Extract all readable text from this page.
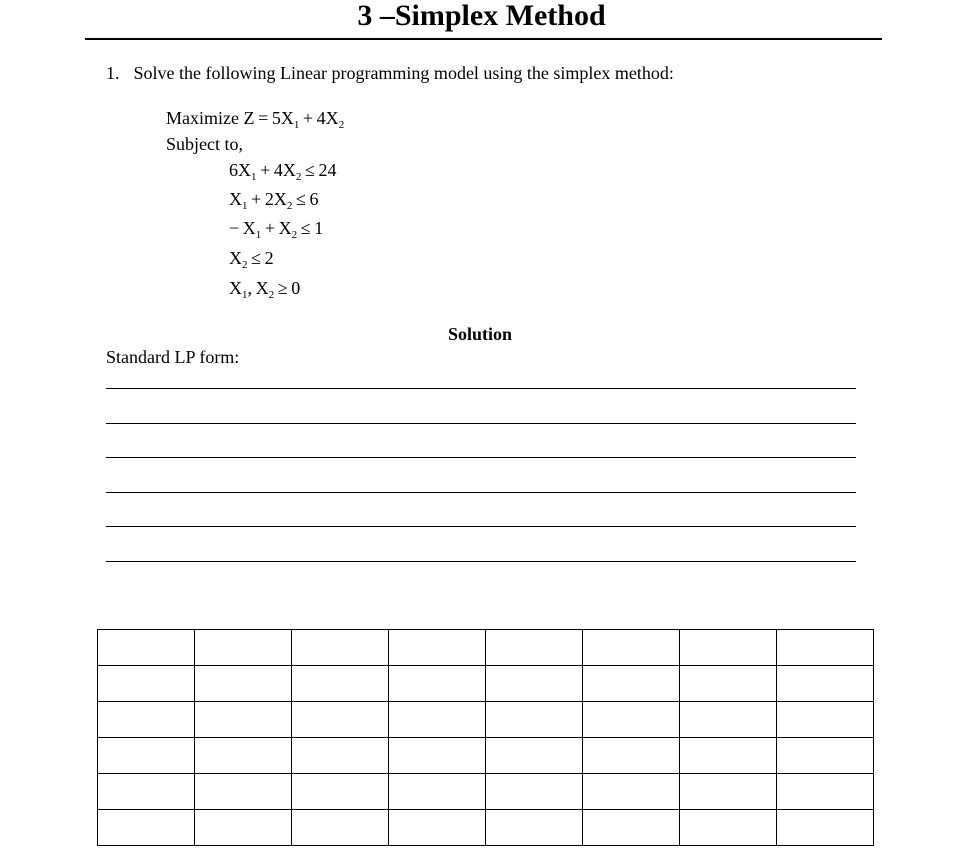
3 –Simplex Method
1. Solve the following Linear programming model using the simplex method:
Maximize $Z = 5X_1 + 4X_2$
Subject to,
$6X_1 + 4X_2 \le 24$
$X_1 + 2X_2 \le 6$
− $X_1 + X_2 \le 1$
$X_2 \le 2$
$X_1$, $X_2 \ge 0$
Solution
Standard LP form:
